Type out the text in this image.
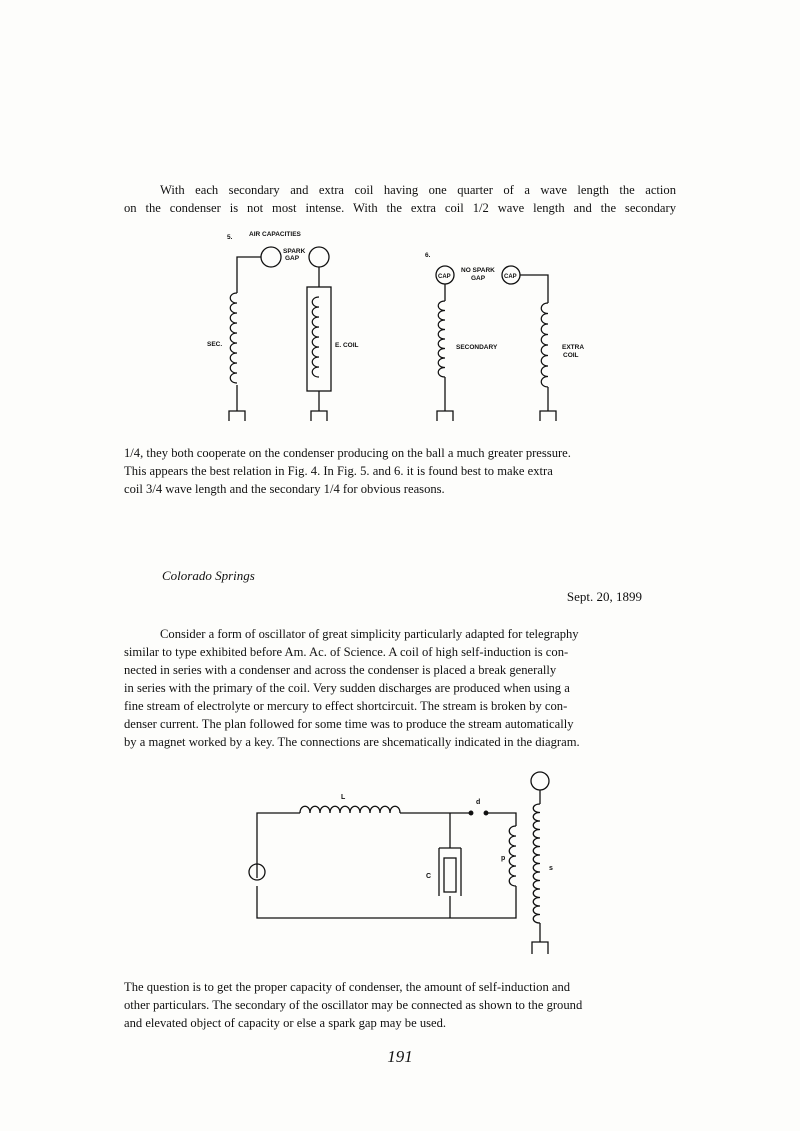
With each secondary and extra coil having one quarter of a wave length the action
on the condenser is not most intense. With the extra coil 1/2 wave length and the secondary
5.	AIR CAPACITIES
SPARK
GAP
SEC.	E. COIL
6.
CAP	CAP
NO SPARK
GAP
SECONDARY	EXTRA
COIL
1/4, they both cooperate on the condenser producing on the ball a much greater pressure.
This appears the best relation in Fig. 4. In Fig. 5. and 6. it is found best to make extra
coil 3/4 wave length and the secondary 1/4 for obvious reasons.
Colorado Springs
Sept. 20, 1899
Consider a form of oscillator of great simplicity particularly adapted for telegraphy
similar to type exhibited before Am. Ac. of Science. A coil of high self-induction is con-
nected in series with a condenser and across the condenser is placed a break generally
in series with the primary of the coil. Very sudden discharges are produced when using a
fine stream of electrolyte or mercury to effect shortcircuit. The stream is broken by con-
denser current. The plan followed for some time was to produce the stream automatically
by a magnet worked by a key. The connections are shcematically indicated in the diagram.
L
d
C
p
s
The question is to get the proper capacity of condenser, the amount of self-induction and
other particulars. The secondary of the oscillator may be connected as shown to the ground
and elevated object of capacity or else a spark gap may be used.
191
